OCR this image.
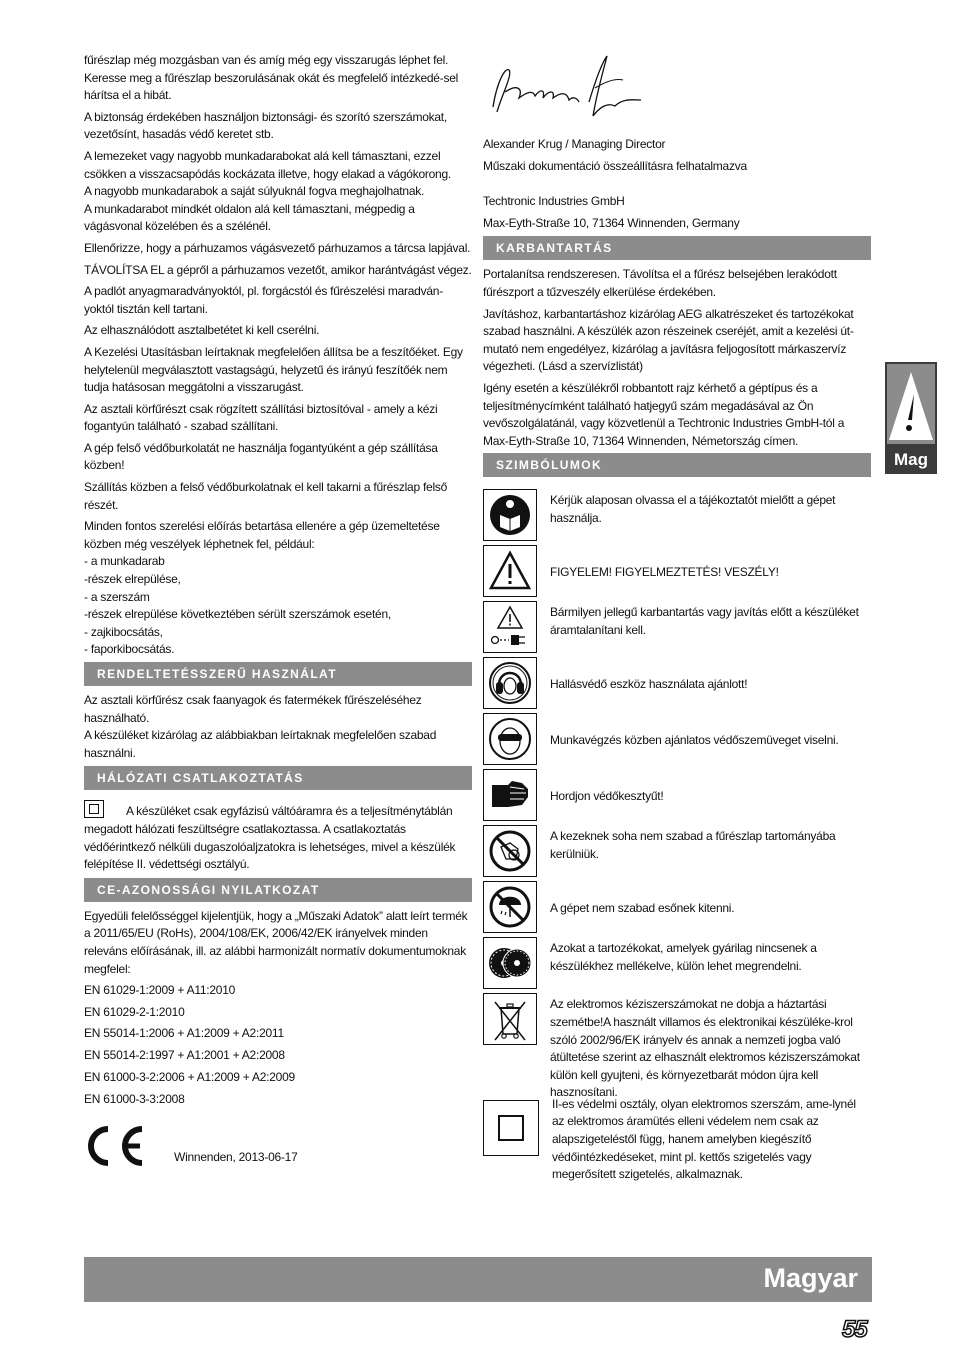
fűrészlap még mozgásban van és amíg még egy visszarugás léphet fel. Keresse meg a fűrészlap beszorulásának okát és megfelelő intézkedé-sel hárítsa el a hibát.

A biztonság érdekében használjon biztonsági- és szorító szerszámokat, vezetősínt, hasadás védő keretet stb.

A lemezeket vagy nagyobb munkadarabokat alá kell támasztani, ezzel csökken a visszacsapódás kockázata illetve, hogy elakad a vágókorong.
A nagyobb munkadarabok a saját súlyuknál fogva meghajolhatnak.
A munkadarabot mindkét oldalon alá kell támasztani, mégpedig a vágásvonal közelében és a szélénél.

Ellenőrizze, hogy a párhuzamos vágásvezető párhuzamos a tárcsa lapjával.

TÁVOLÍTSA EL a gépről a párhuzamos vezetőt, amikor harántvágást végez.

A padlót anyagmaradványoktól, pl. forgácstól és fűrészelési maradván-yoktól tisztán kell tartani.

Az elhasználódott asztalbetétet ki kell cserélni.

A Kezelési Utasításban leírtaknak megfelelően állítsa be a feszítőéket. Egy helytelenül megválasztott vastagságú, helyzetű és irányú feszítőék nem tudja hatásosan meggátolni a visszarugást.

Az asztali körfűrészt csak rögzített szállítási biztosítóval - amely a kézi fogantyún található - szabad szállítani.

A gép felső védőburkolatát ne használja fogantyúként a gép szállítása közben!

Szállítás közben a felső védőburkolatnak el kell takarni a fűrészlap felső részét.

Minden fontos szerelési előírás betartása ellenére a gép üzemeltetése közben még veszélyek léphetnek fel, például:
- a munkadarab
-részek elrepülése,
- a szerszám
-részek elrepülése következtében sérült szerszámok esetén,
- zajkibocsátás,
- faporkibocsátás.

RENDELTETÉSSZERŰ HASZNÁLAT

Az asztali körfűrész csak faanyagok és fatermékek fűrészeléséhez használható.
A készüléket kizárólag az alábbiakban leírtaknak megfelelően szabad használni.

HÁLÓZATI CSATLAKOZTATÁS

A készüléket csak egyfázisú váltóáramra és a teljesítménytáblán megadott hálózati feszültségre csatlakoztassa. A csatlakoztatás védőérintkező nélküli dugaszolóaljzatokra is lehetséges, mivel a készülék felépítése II. védettségi osztályú.

CE-AZONOSSÁGI NYILATKOZAT

Egyedüli felelősséggel kijelentjük, hogy a „Műszaki Adatok” alatt leírt termék a 2011/65/EU (RoHs), 2004/108/EK, 2006/42/EK irányelvek minden releváns előírásának, ill. az alábbi harmonizált normatív dokumentumoknak megfelel:

EN 61029-1:2009 + A11:2010

EN 61029-2-1:2010

EN 55014-1:2006 + A1:2009 + A2:2011

EN 55014-2:1997 + A1:2001 + A2:2008

EN 61000-3-2:2006 + A1:2009 + A2:2009

EN 61000-3-3:2008

Winnenden, 2013-06-17

Alexander Krug / Managing Director

Műszaki dokumentáció összeállításra felhatalmazva

Techtronic Industries GmbH

Max-Eyth-Straße 10, 71364 Winnenden, Germany

KARBANTARTÁS

Portalanítsa rendszeresen. Távolítsa el a fűrész belsejében lerakódott fűrészport a tűzveszély elkerülése érdekében.

Javításhoz, karbantartáshoz kizárólag AEG alkatrészeket és tartozékokat szabad használni. A készülék azon részeinek cseréjét, amit a kezelési út-mutató nem engedélyez, kizárólag a javításra feljogosított márkaszervíz végezheti. (Lásd a szervízlistát)

Igény esetén a készülékről robbantott rajz kérhető a géptípus és a teljesítménycímként található hatjegyű szám megadásával az Ön vevőszolgálatánál, vagy közvetlenül a Techtronic Industries GmbH-tól a Max-Eyth-Straße 10, 71364 Winnenden, Németország címen.

SZIMBÓLUMOK
Kérjük alaposan olvassa el a tájékoztatót mielőtt a gépet használja.
FIGYELEM! FIGYELMEZTETÉS! VESZÉLY!
Bármilyen jellegű karbantartás vagy javítás előtt a készüléket áramtalanítani kell.
Hallásvédő eszköz használata ajánlott!
Munkavégzés közben ajánlatos védőszemüveget viselni.
Hordjon védőkesztyűt!
A kezeknek soha nem szabad a fűrészlap tartományába kerülniük.
A gépet nem szabad esőnek kitenni.
Azokat a tartozékokat, amelyek gyárilag nincsenek a készülékhez mellékelve, külön lehet megrendelni.
Az elektromos kéziszerszámokat ne dobja a háztartási szemétbe!A használt villamos és elektronikai készüléke-krol szóló 2002/96/EK irányelv és annak a nemzeti jogba való átültetése szerint az elhasznált elektromos kéziszerszámokat külön kell gyujteni, és környezetbarát módon újra kell hasznosítani.
II-es védelmi osztály, olyan elektromos szerszám, ame-lynél az elektromos áramütés elleni védelem nem csak az alapszigeteléstől függ, hanem amelyben kiegészítő védőintézkedéseket, mint pl. kettős szigetelés vagy megerősített szigetelés, alkalmaznak.
Mag
Magyar
55
